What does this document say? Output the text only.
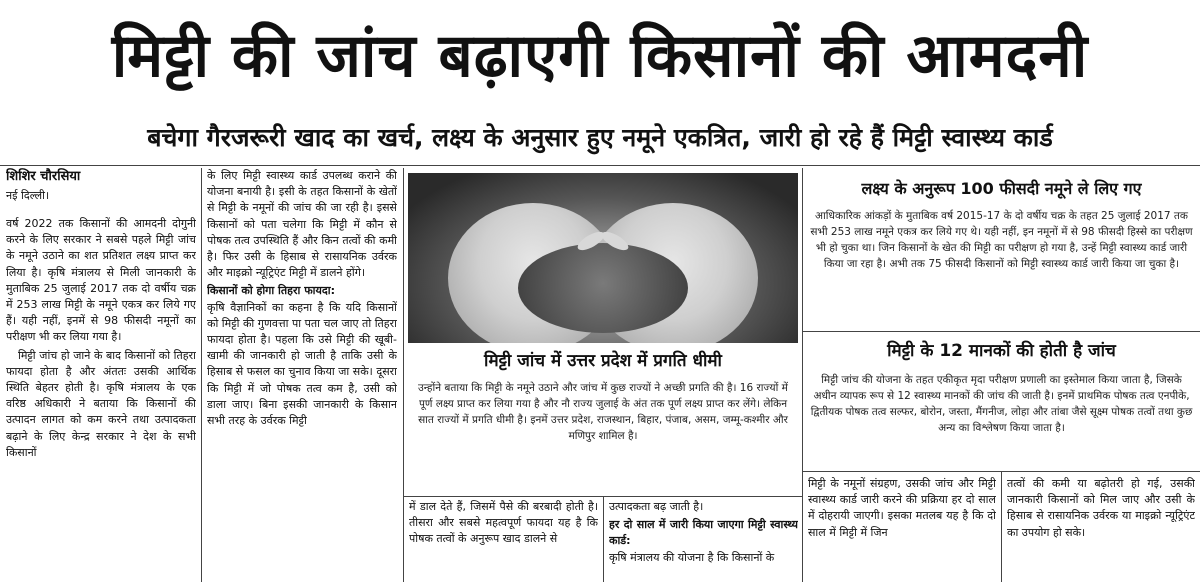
मिट्टी की जांच बढ़ाएगी किसानों की आमदनी
बचेगा गैरजरूरी खाद का खर्च, लक्ष्य के अनुसार हुए नमूने एकत्रित, जारी हो रहे हैं मिट्टी स्वास्थ्य कार्ड

शिशिर चौरसिया

नई दिल्ली।

वर्ष 2022 तक किसानों की आमदनी दोगुनी करने के लिए सरकार ने सबसे पहले मिट्टी जांच के नमूने उठाने का शत प्रतिशत लक्ष्य प्राप्त कर लिया है। कृषि मंत्रालय से मिली जानकारी के मुताबिक 25 जुलाई 2017 तक दो वर्षीय चक्र में 253 लाख मिट्टी के नमूने एकत्र कर लिये गए हैं। यही नहीं, इनमें से 98 फीसदी नमूनों का परीक्षण भी कर लिया गया है।

मिट्टी जांच हो जाने के बाद किसानों को तिहरा फायदा होता है और अंततः उसकी आर्थिक स्थिति बेहतर होती है। कृषि मंत्रालय के एक वरिष्ठ अधिकारी ने बताया कि किसानों की उत्पादन लागत को कम करने तथा उत्पादकता बढ़ाने के लिए केन्द्र सरकार ने देश के सभी किसानों

के लिए मिट्टी स्वास्थ्य कार्ड उपलब्ध कराने की योजना बनायी है। इसी के तहत किसानों के खेतों से मिट्टी के नमूनों की जांच की जा रही है। इससे किसानों को पता चलेगा कि मिट्टी में कौन से पोषक तत्व उपस्थिति हैं और किन तत्वों की कमी है। फिर उसी के हिसाब से रासायनिक उर्वरक और माइक्रो न्यूट्रिएंट मिट्टी में डालने होंगे।

किसानों को होगा तिहरा फायदा:

कृषि वैज्ञानिकों का कहना है कि यदि किसानों को मिट्टी की गुणवत्ता पा पता चल जाए तो तिहरा फायदा होता है। पहला कि उसे मिट्टी की खूबी-खामी की जानकारी हो जाती है ताकि उसी के हिसाब से फसल का चुनाव किया जा सके। दूसरा कि मिट्टी में जो पोषक तत्व कम है, उसी को डाला जाए। बिना इसकी जानकारी के किसान सभी तरह के उर्वरक मिट्टी

मिट्टी जांच में उत्तर प्रदेश में प्रगति धीमी
उन्होंने बताया कि मिट्टी के नमूने उठाने और जांच में कुछ राज्यों ने अच्छी प्रगति की है। 16 राज्यों में पूर्ण लक्ष्य प्राप्त कर लिया गया है और नौ राज्य जुलाई के अंत तक पूर्ण लक्ष्य प्राप्त कर लेंगे। लेकिन सात राज्यों में प्रगति धीमी है। इनमें उत्तर प्रदेश, राजस्थान, बिहार, पंजाब, असम, जम्मू-कश्मीर और मणिपुर शामिल है।

में डाल देते हैं, जिसमें पैसे की बरबादी होती है। तीसरा और सबसे महत्वपूर्ण फायदा यह है कि पोषक तत्वों के अनुरूप खाद डालने से

उत्पादकता बढ़ जाती है।

हर दो साल में जारी किया जाएगा मिट्टी स्वास्थ्य कार्ड:

कृषि मंत्रालय की योजना है कि किसानों के

लक्ष्य के अनुरूप 100 फीसदी नमूने ले लिए गए
आधिकारिक आंकड़ों के मुताबिक वर्ष 2015-17 के दो वर्षीय चक्र के तहत 25 जुलाई 2017 तक सभी 253 लाख नमूने एकत्र कर लिये गए थे। यही नहीं, इन नमूनों में से 98 फीसदी हिस्से का परीक्षण भी हो चुका था। जिन किसानों के खेत की मिट्टी का परीक्षण हो गया है, उन्हें मिट्टी स्वास्थ्य कार्ड जारी किया जा रहा है। अभी तक 75 फीसदी किसानों को मिट्टी स्वास्थ्य कार्ड जारी किया जा चुका है।
मिट्टी के 12 मानकों की होती है जांच
मिट्टी जांच की योजना के तहत एकीकृत मृदा परीक्षण प्रणाली का इस्तेमाल किया जाता है, जिसके अधीन व्यापक रूप से 12 स्वास्थ्य मानकों की जांच की जाती है। इनमें प्राथमिक पोषक तत्व एनपीके, द्वितीयक पोषक तत्व सल्फर, बोरोन, जस्ता, मैंगनीज, लोहा और तांबा जैसे सूक्ष्म पोषक तत्वों तथा कुछ अन्य का विश्लेषण किया जाता है।

मिट्टी के नमूनों संग्रहण, उसकी जांच और मिट्टी स्वास्थ्य कार्ड जारी करने की प्रक्रिया हर दो साल में दोहरायी जाएगी। इसका मतलब यह है कि दो साल में मिट्टी में जिन

तत्वों की कमी या बढ़ोतरी हो गई, उसकी जानकारी किसानों को मिल जाए और उसी के हिसाब से रासायनिक उर्वरक या माइक्रो न्यूट्रिएंट का उपयोग हो सके।
